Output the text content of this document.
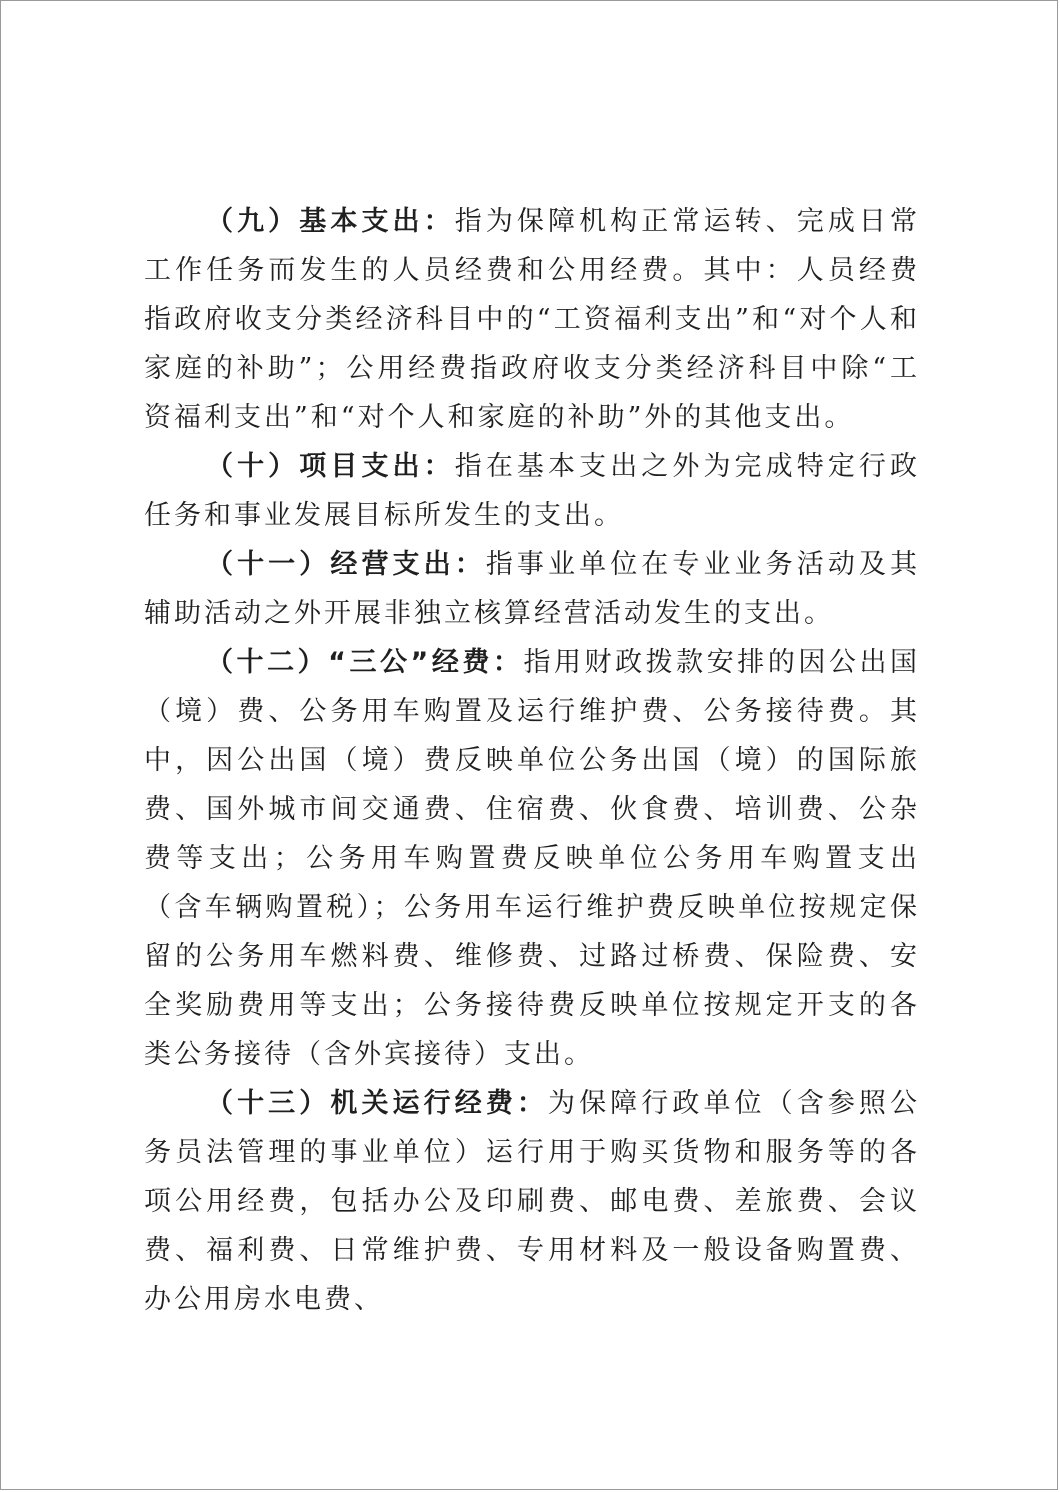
（九）基本支出：指为保障机构正常运转、完成日常工作任务而发生的人员经费和公用经费。其中：人员经费指政府收支分类经济科目中的“工资福利支出”和“对个人和家庭的补助”；公用经费指政府收支分类经济科目中除“工资福利支出”和“对个人和家庭的补助”外的其他支出。

（十）项目支出：指在基本支出之外为完成特定行政任务和事业发展目标所发生的支出。

（十一）经营支出：指事业单位在专业业务活动及其辅助活动之外开展非独立核算经营活动发生的支出。

（十二）“三公”经费：指用财政拨款安排的因公出国（境）费、公务用车购置及运行维护费、公务接待费。其中，因公出国（境）费反映单位公务出国（境）的国际旅费、国外城市间交通费、住宿费、伙食费、培训费、公杂费等支出；公务用车购置费反映单位公务用车购置支出（含车辆购置税）；公务用车运行维护费反映单位按规定保留的公务用车燃料费、维修费、过路过桥费、保险费、安全奖励费用等支出；公务接待费反映单位按规定开支的各类公务接待（含外宾接待）支出。

（十三）机关运行经费：为保障行政单位（含参照公务员法管理的事业单位）运行用于购买货物和服务等的各项公用经费，包括办公及印刷费、邮电费、差旅费、会议费、福利费、日常维护费、专用材料及一般设备购置费、办公用房水电费、
